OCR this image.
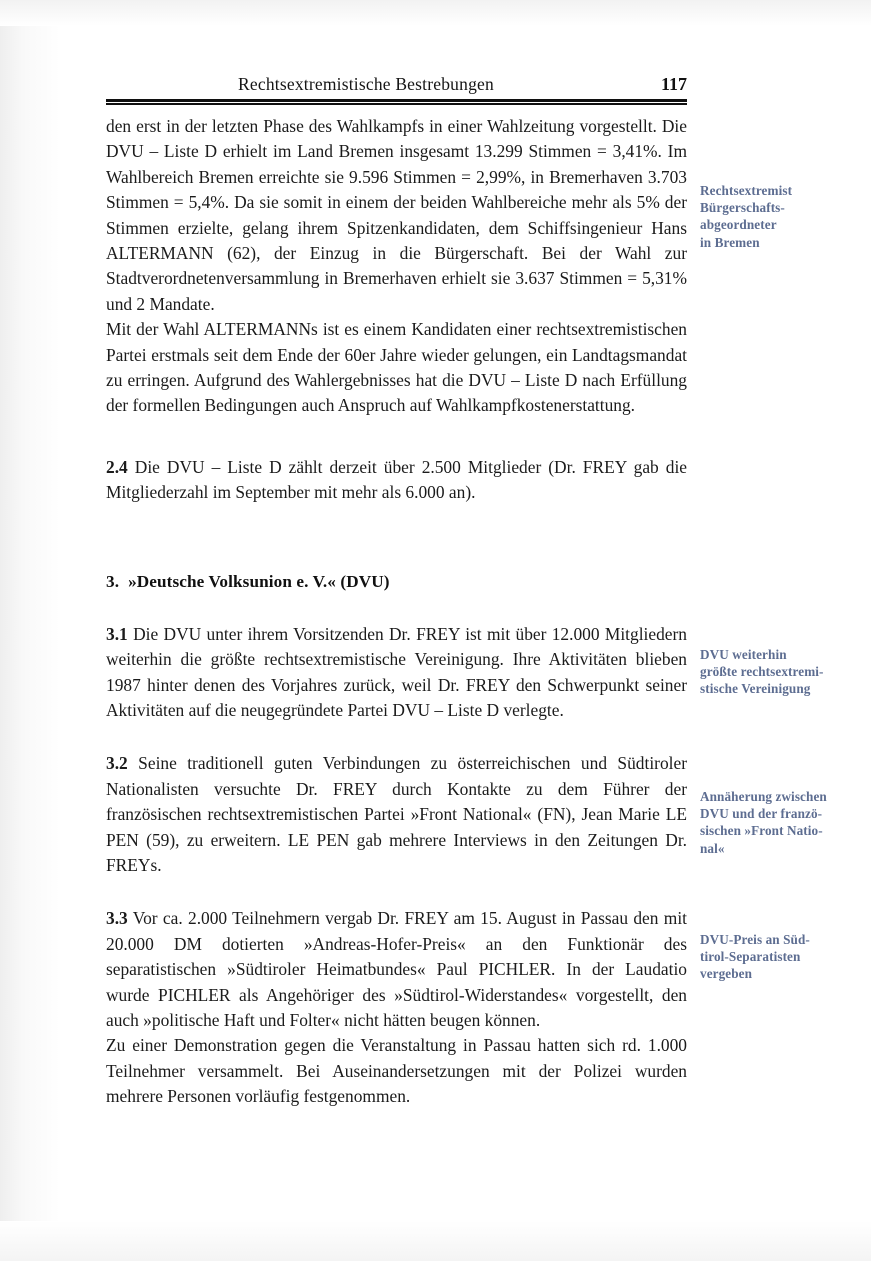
Rechtsextremistische Bestrebungen	117

den erst in der letzten Phase des Wahlkampfs in einer Wahlzeitung vorgestellt. Die DVU – Liste D erhielt im Land Bremen insgesamt 13.299 Stimmen = 3,41%. Im Wahlbereich Bremen erreichte sie 9.596 Stimmen = 2,99%, in Bremerhaven 3.703 Stimmen = 5,4%. Da sie somit in einem der beiden Wahlbereiche mehr als 5% der Stimmen erzielte, gelang ihrem Spitzenkandidaten, dem Schiffsingenieur Hans ALTERMANN (62), der Einzug in die Bürgerschaft. Bei der Wahl zur Stadtverordnetenversammlung in Bremerhaven erhielt sie 3.637 Stimmen = 5,31% und 2 Mandate.

Mit der Wahl ALTERMANNs ist es einem Kandidaten einer rechtsextremistischen Partei erstmals seit dem Ende der 60er Jahre wieder gelungen, ein Landtagsmandat zu erringen. Aufgrund des Wahlergebnisses hat die DVU – Liste D nach Erfüllung der formellen Bedingungen auch Anspruch auf Wahlkampfkostenerstattung.

2.4 Die DVU – Liste D zählt derzeit über 2.500 Mitglieder (Dr. FREY gab die Mitgliederzahl im September mit mehr als 6.000 an).

3. »Deutsche Volksunion e. V.« (DVU)

3.1 Die DVU unter ihrem Vorsitzenden Dr. FREY ist mit über 12.000 Mitgliedern weiterhin die größte rechtsextremistische Vereinigung. Ihre Aktivitäten blieben 1987 hinter denen des Vorjahres zurück, weil Dr. FREY den Schwerpunkt seiner Aktivitäten auf die neugegründete Partei DVU – Liste D verlegte.

3.2 Seine traditionell guten Verbindungen zu österreichischen und Südtiroler Nationalisten versuchte Dr. FREY durch Kontakte zu dem Führer der französischen rechtsextremistischen Partei »Front National« (FN), Jean Marie LE PEN (59), zu erweitern. LE PEN gab mehrere Interviews in den Zeitungen Dr. FREYs.

3.3 Vor ca. 2.000 Teilnehmern vergab Dr. FREY am 15. August in Passau den mit 20.000 DM dotierten »Andreas-Hofer-Preis« an den Funktionär des separatistischen »Südtiroler Heimatbundes« Paul PICHLER. In der Laudatio wurde PICHLER als Angehöriger des »Südtirol-Widerstandes« vorgestellt, den auch »politische Haft und Folter« nicht hätten beugen können.

Zu einer Demonstration gegen die Veranstaltung in Passau hatten sich rd. 1.000 Teilnehmer versammelt. Bei Auseinandersetzungen mit der Polizei wurden mehrere Personen vorläufig festgenommen.

Rechtsextremist
Bürgerschafts-
abgeordneter
in Bremen
DVU weiterhin
größte rechtsextremi-
stische Vereinigung
Annäherung zwischen
DVU und der franzö-
sischen »Front Natio-
nal«
DVU-Preis an Süd-
tirol-Separatisten
vergeben
